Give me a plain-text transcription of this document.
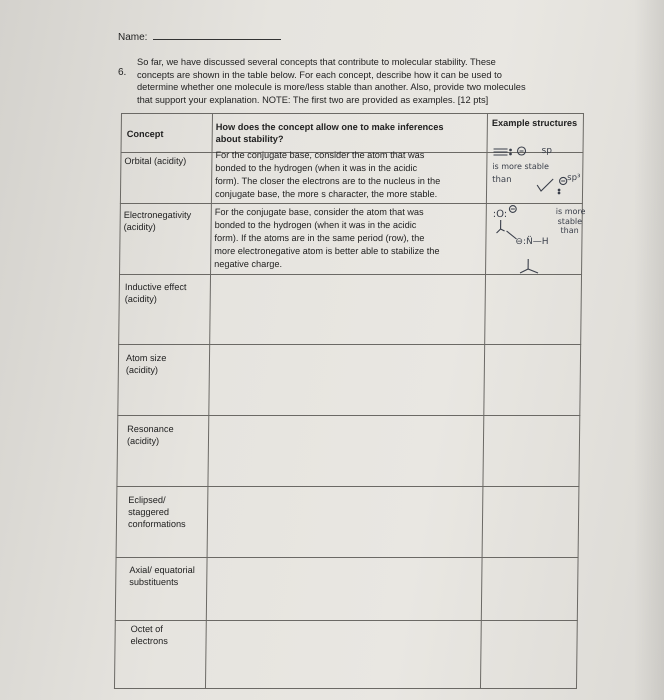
Name:
6.
So far, we have discussed several concepts that contribute to molecular stability. These
concepts are shown in the table below. For each concept, describe how it can be used to
determine whether one molecule is more/less stable than another. Also, provide two molecules
that support your explanation. NOTE: The first two are provided as examples. [12 pts]
Concept
How does the concept allow one to make inferences
about stability?
Example structures
Orbital (acidity)
For the conjugate base, consider the atom that was
bonded to the hydrogen (when it was in the acidic
form). The closer the electrons are to the nucleus in the
conjugate base, the more s character, the more stable.
sp
is more stable
than	sp³
Electronegativity
(acidity)
For the conjugate base, consider the atom that was
bonded to the hydrogen (when it was in the acidic
form). If the atoms are in the same period (row), the
more electronegative atom is better able to stabilize the
negative charge.
:O:	is more
stable
than
⊖:N̈—H
Inductive effect
(acidity)
Atom size
(acidity)
Resonance
(acidity)
Eclipsed/
staggered
conformations
Axial/ equatorial
substituents
Octet of
electrons
